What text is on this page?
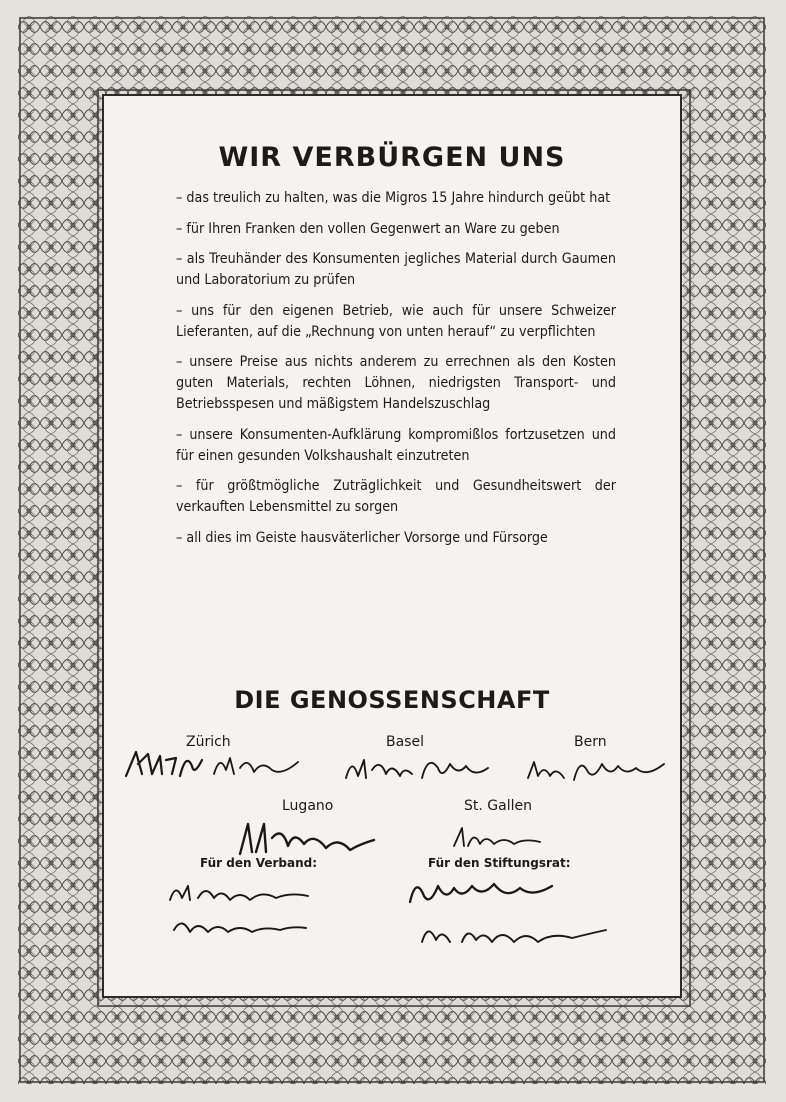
WIR VERBÜRGEN UNS
– das treulich zu halten, was die Migros 15 Jahre hindurch geübt hat
– für Ihren Franken den vollen Gegenwert an Ware zu geben
– als Treuhänder des Konsumenten jegliches Material durch Gaumen und Laboratorium zu prüfen
– uns für den eigenen Betrieb, wie auch für unsere Schweizer Lieferanten, auf die „Rechnung von unten herauf“ zu verpflichten
– unsere Preise aus nichts anderem zu errechnen als den Kosten guten Materials, rechten Löhnen, niedrigsten Transport- und Betriebsspesen und mäßigstem Handelszuschlag
– unsere Konsumenten-Aufklärung kompromißlos fortzusetzen und für einen gesunden Volkshaushalt einzutreten
– für größtmögliche Zuträglichkeit und Gesundheitswert der verkauften Lebensmittel zu sorgen
– all dies im Geiste hausväterlicher Vorsorge und Fürsorge
DIE GENOSSENSCHAFT
Zürich	Basel	Bern
Lugano	St. Gallen
Für den Verband:	Für den Stiftungsrat:
